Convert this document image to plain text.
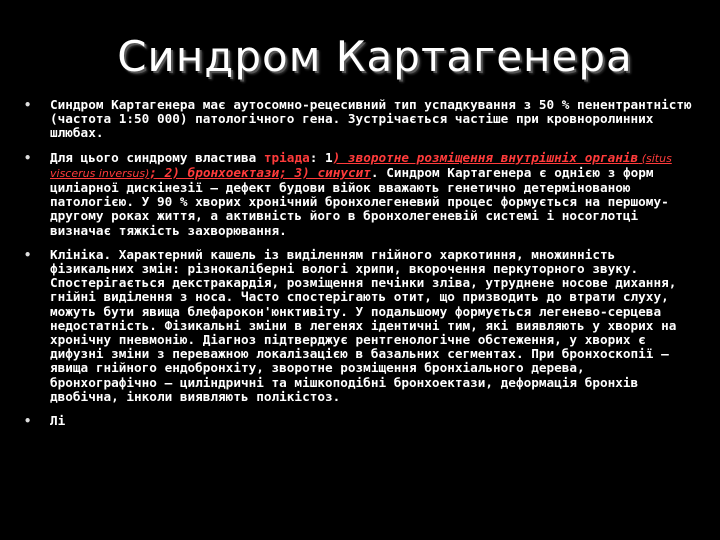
Синдром Картагенера
• Синдром Картагенера має аутосомно-рецесивний тип успадкування з 50 % пенентрантністю (частота 1:50 000) патологічного гена. Зустрічається частіше при кровноролинних шлюбах.
• Для цього синдрому властива тріада: 1) зворотне розміщення внутрішніх органів (situs viscerus inversus); 2) бронхоектази; 3) синусит. Синдром Картагенера є однією з форм циліарної дискінезії – дефект будови війок вважають генетично детермінованою патологією. У 90 % хворих хронічний бронхолегеневий процес формується на першому-другому роках життя, а активність його в бронхолегеневій системі і носоглотці визначає тяжкість захворювання.
• Клініка. Характерний кашель із виділенням гнійного харкотиння, множинність фізикальних змін: різнокаліберні вологі хрипи, вкорочення перкуторного звуку. Спостерігається декстракардія, розміщення печінки зліва, утруднене носове дихання, гнійні виділення з носа. Часто спостерігають отит, що призводить до втрати слуху, можуть бути явища блефарокон'юнктивіту. У подальшому формується легенево-серцева недостатність. Фізикальні зміни в легенях ідентичні тим, які виявляють у хворих на хронічну пневмонію. Діагноз підтверджує рентгенологічне обстеження, у хворих є дифузні зміни з переважною локалізацією в базальних сегментах. При бронхоскопії – явища гнійного ендобронхіту, зворотне розміщення бронхіального дерева, бронхографічно – циліндричні та мішкоподібні бронхоектази, деформація бронхів двобічна, інколи виявляють полікістоз.
• Лі
